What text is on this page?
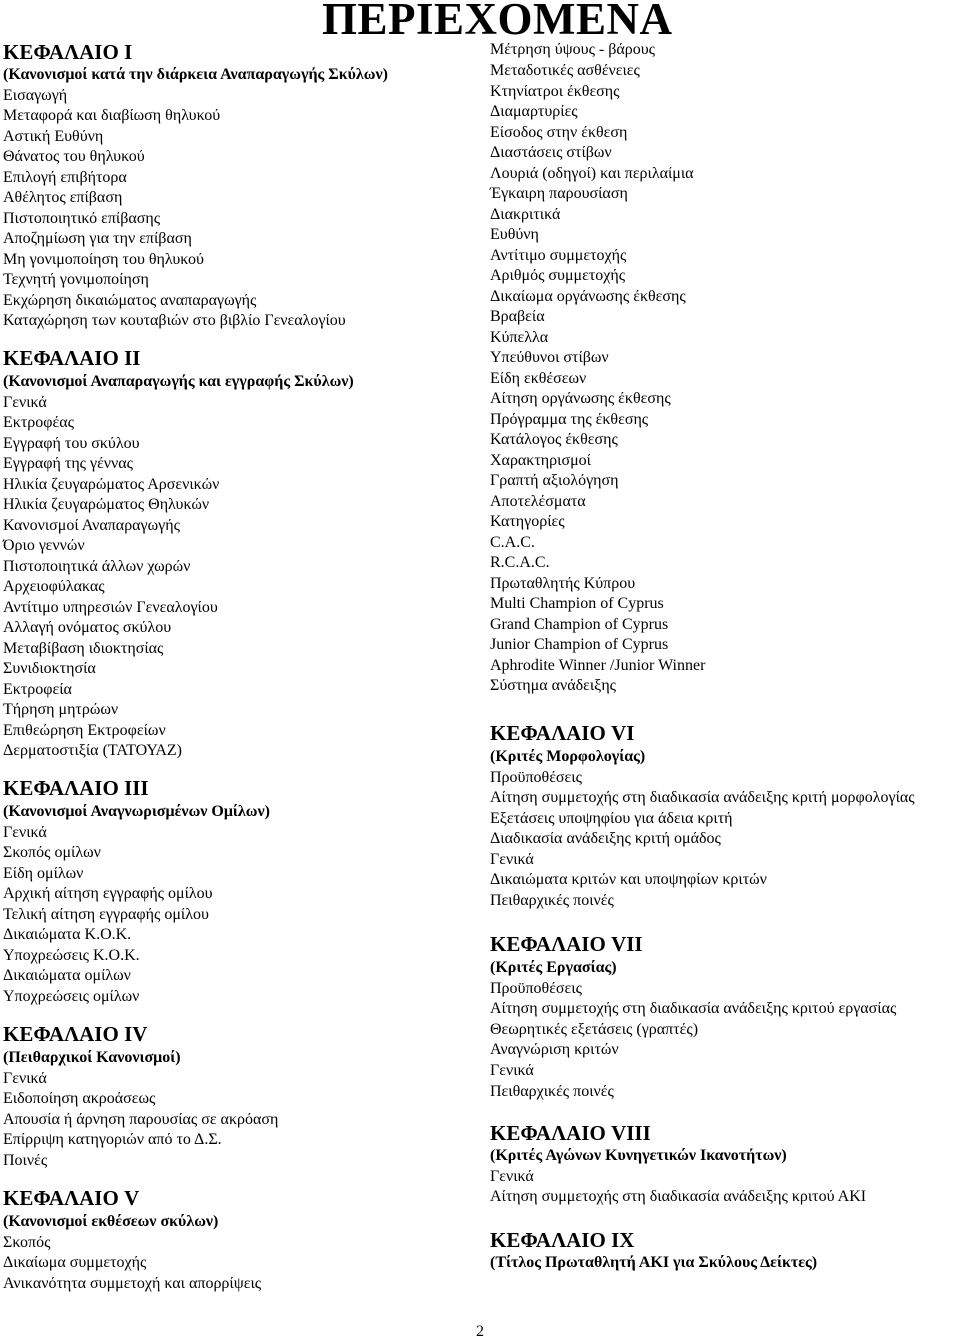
ΠΕΡΙΕΧΟΜΕΝΑ
ΚΕΦΑΛΑΙΟ Ι
(Κανονισμοί κατά την διάρκεια Αναπαραγωγής Σκύλων)
Εισαγωγή
Μεταφορά και διαβίωση θηλυκού
Αστική Ευθύνη
Θάνατος του θηλυκού
Επιλογή επιβήτορα
Αθέλητος επίβαση
Πιστοποιητικό επίβασης
Αποζημίωση για την επίβαση
Μη γονιμοποίηση του θηλυκού
Τεχνητή γονιμοποίηση
Εκχώρηση δικαιώματος αναπαραγωγής
Καταχώρηση των κουταβιών στο βιβλίο Γενεαλογίου
ΚΕΦΑΛΑΙΟ ΙΙ
(Κανονισμοί Αναπαραγωγής και εγγραφής Σκύλων)
Γενικά
Εκτροφέας
Εγγραφή του σκύλου
Εγγραφή της γέννας
Ηλικία ζευγαρώματος Αρσενικών
Ηλικία ζευγαρώματος Θηλυκών
Κανονισμοί Αναπαραγωγής
Όριο γεννών
Πιστοποιητικά άλλων χωρών
Αρχειοφύλακας
Αντίτιμο υπηρεσιών Γενεαλογίου
Αλλαγή ονόματος σκύλου
Μεταβίβαση ιδιοκτησίας
Συνιδιοκτησία
Εκτροφεία
Τήρηση μητρώων
Επιθεώρηση Εκτροφείων
Δερματοστιξία (ΤΑΤΟΥΑΖ)
ΚΕΦΑΛΑΙΟ ΙΙΙ
(Κανονισμοί Αναγνωρισμένων Ομίλων)
Γενικά
Σκοπός ομίλων
Είδη ομίλων
Αρχική αίτηση εγγραφής ομίλου
Τελική αίτηση εγγραφής ομίλου
Δικαιώματα Κ.Ο.Κ.
Υποχρεώσεις Κ.Ο.Κ.
Δικαιώματα ομίλων
Υποχρεώσεις ομίλων
ΚΕΦΑΛΑΙΟ ΙV
(Πειθαρχικοί Κανονισμοί)
Γενικά
Ειδοποίηση ακροάσεως
Απουσία ή άρνηση παρουσίας σε ακρόαση
Επίρριψη κατηγοριών από το Δ.Σ.
Ποινές
ΚΕΦΑΛΑΙΟ V
(Κανονισμοί εκθέσεων σκύλων)
Σκοπός
Δικαίωμα συμμετοχής
Ανικανότητα συμμετοχή και απορρίψεις
Μέτρηση ύψους - βάρους
Μεταδοτικές ασθένειες
Κτηνίατροι έκθεσης
Διαμαρτυρίες
Είσοδος στην έκθεση
Διαστάσεις στίβων
Λουριά (οδηγοί) και περιλαίμια
Έγκαιρη παρουσίαση
Διακριτικά
Ευθύνη
Αντίτιμο συμμετοχής
Αριθμός συμμετοχής
Δικαίωμα οργάνωσης έκθεσης
Βραβεία
Κύπελλα
Υπεύθυνοι στίβων
Είδη εκθέσεων
Αίτηση οργάνωσης έκθεσης
Πρόγραμμα της έκθεσης
Κατάλογος έκθεσης
Χαρακτηρισμοί
Γραπτή αξιολόγηση
Αποτελέσματα
Κατηγορίες
C.A.C.
R.C.A.C.
Πρωταθλητής Κύπρου
Multi Champion of Cyprus
Grand Champion of Cyprus
Junior Champion of Cyprus
Aphrodite Winner /Junior Winner
Σύστημα ανάδειξης
ΚΕΦΑΛΑΙΟ VΙ
(Κριτές Μορφολογίας)
Προϋποθέσεις
Αίτηση συμμετοχής στη διαδικασία ανάδειξης κριτή μορφολογίας
Εξετάσεις υποψηφίου για άδεια κριτή
Διαδικασία ανάδειξης κριτή ομάδος
Γενικά
Δικαιώματα κριτών και υποψηφίων κριτών
Πειθαρχικές ποινές
ΚΕΦΑΛΑΙΟ VΙΙ
(Κριτές Εργασίας)
Προϋποθέσεις
Αίτηση συμμετοχής στη διαδικασία ανάδειξης κριτού εργασίας
Θεωρητικές εξετάσεις (γραπτές)
Αναγνώριση κριτών
Γενικά
Πειθαρχικές ποινές
ΚΕΦΑΛΑΙΟ VΙΙΙ
(Κριτές Αγώνων Κυνηγετικών Ικανοτήτων)
Γενικά
Αίτηση συμμετοχής στη διαδικασία ανάδειξης κριτού ΑΚΙ
ΚΕΦΑΛΑΙΟ ΙΧ
(Τίτλος Πρωταθλητή ΑΚΙ για Σκύλους Δείκτες)
2
